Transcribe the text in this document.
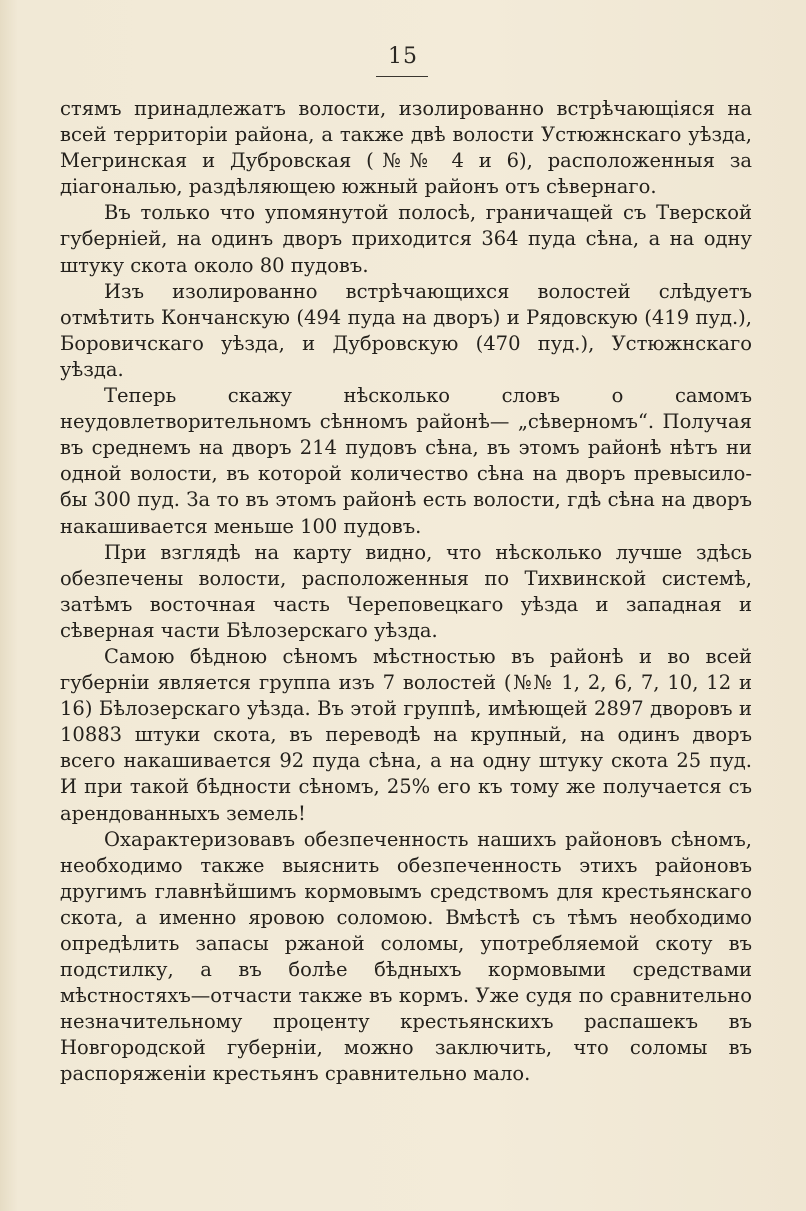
15

стямъ принадлежатъ волости, изолированно встрѣчающіяся на всей территоріи района, а также двѣ волости Устюжнскаго уѣзда, Мегринская и Дубровская (№№ 4 и 6), расположенныя за діагональю, раздѣляющею южный районъ отъ сѣвернаго.

Въ только что упомянутой полосѣ, граничащей съ Тверской губерніей, на одинъ дворъ приходится 364 пуда сѣна, а на одну штуку скота около 80 пудовъ.

Изъ изолированно встрѣчающихся волостей слѣдуетъ отмѣтить Кончанскую (494 пуда на дворъ) и Рядовскую (419 пуд.), Боровичскаго уѣзда, и Дубровскую (470 пуд.), Устюжнскаго уѣзда.

Теперь скажу нѣсколько словъ о самомъ неудовлетворительномъ сѣнномъ районѣ— „сѣверномъ“. Получая въ среднемъ на дворъ 214 пудовъ сѣна, въ этомъ районѣ нѣтъ ни одной волости, въ которой количество сѣна на дворъ превысило-бы 300 пуд. За то въ этомъ районѣ есть волости, гдѣ сѣна на дворъ накашивается меньше 100 пудовъ.

При взглядѣ на карту видно, что нѣсколько лучше здѣсь обезпечены волости, расположенныя по Тихвинской системѣ, затѣмъ восточная часть Череповецкаго уѣзда и западная и сѣверная части Бѣлозерскаго уѣзда.

Самою бѣдною сѣномъ мѣстностью въ районѣ и во всей губерніи является группа изъ 7 волостей (№№ 1, 2, 6, 7, 10, 12 и 16) Бѣлозерскаго уѣзда. Въ этой группѣ, имѣющей 2897 дворовъ и 10883 штуки скота, въ переводѣ на крупный, на одинъ дворъ всего накашивается 92 пуда сѣна, а на одну штуку скота 25 пуд. И при такой бѣдности сѣномъ, 25% его къ тому же получается съ арендованныхъ земель!

Охарактеризовавъ обезпеченность нашихъ районовъ сѣномъ, необходимо также выяснить обезпеченность этихъ районовъ другимъ главнѣйшимъ кормовымъ средствомъ для крестьянскаго скота, а именно яровою соломою. Вмѣстѣ съ тѣмъ необходимо опредѣлить запасы ржаной соломы, употребляемой скоту въ подстилку, а въ болѣе бѣдныхъ кормовыми средствами мѣстностяхъ—отчасти также въ кормъ. Уже судя по сравнительно незначительному проценту крестьянскихъ распашекъ въ Новгородской губерніи, можно заключить, что соломы въ распоряженіи крестьянъ сравнительно мало.
